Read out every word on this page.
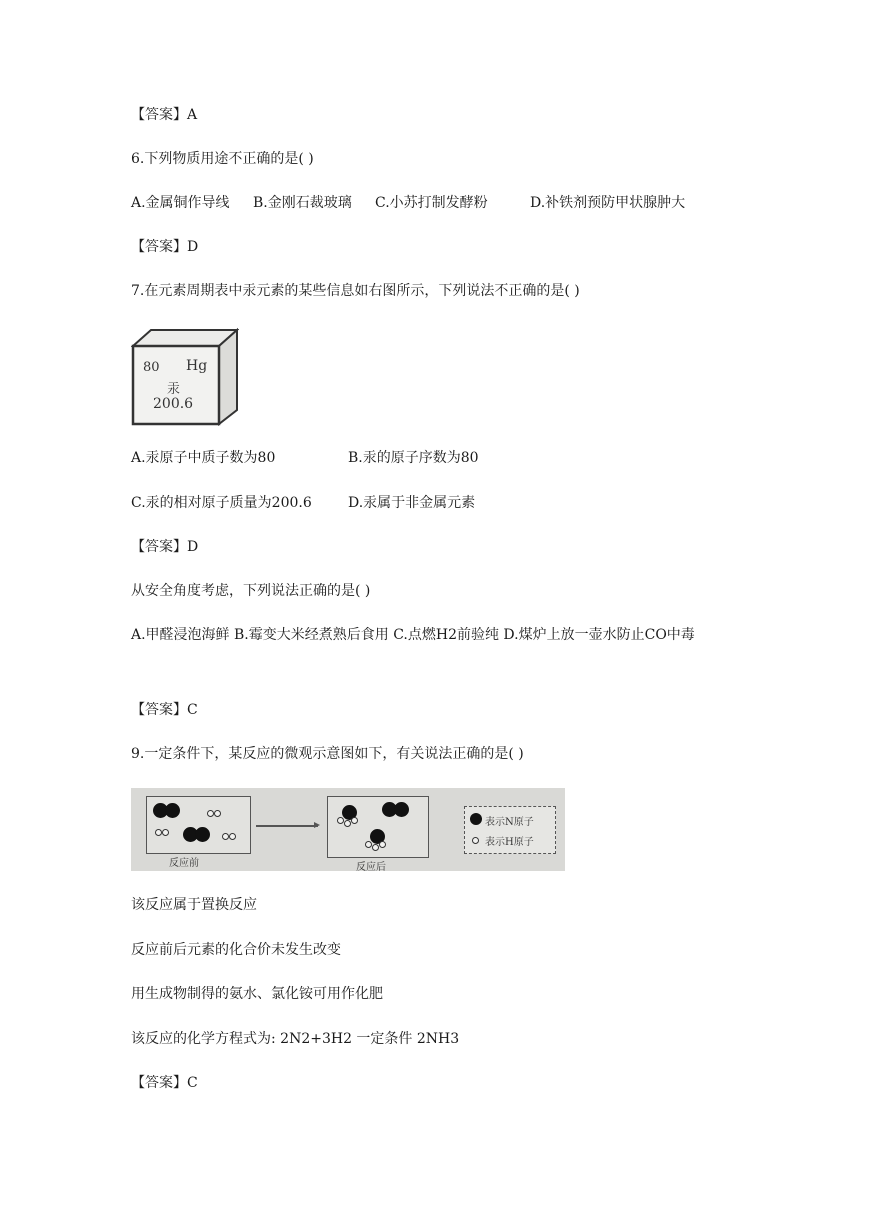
【答案】A
6.下列物质用途不正确的是( )
A.金属铜作导线 B.金刚石裁玻璃 C.小苏打制发酵粉	D.补铁剂预防甲状腺肿大
【答案】D
7.在元素周期表中汞元素的某些信息如右图所示，下列说法不正确的是( )
80 Hg
汞
200.6
A.汞原子中质子数为80	B.汞的原子序数为80
C.汞的相对原子质量为200.6	D.汞属于非金属元素
【答案】D
从安全角度考虑，下列说法正确的是( )
A.甲醛浸泡海鲜 B.霉变大米经煮熟后食用 C.点燃H2前验纯 D.煤炉上放一壶水防止CO中毒
【答案】C
9.一定条件下，某反应的微观示意图如下，有关说法正确的是( )
反应前	反应后
表示N原子
表示H原子
该反应属于置换反应
反应前后元素的化合价未发生改变
用生成物制得的氨水、氯化铵可用作化肥
该反应的化学方程式为: 2N2+3H2 一定条件 2NH3
【答案】C
